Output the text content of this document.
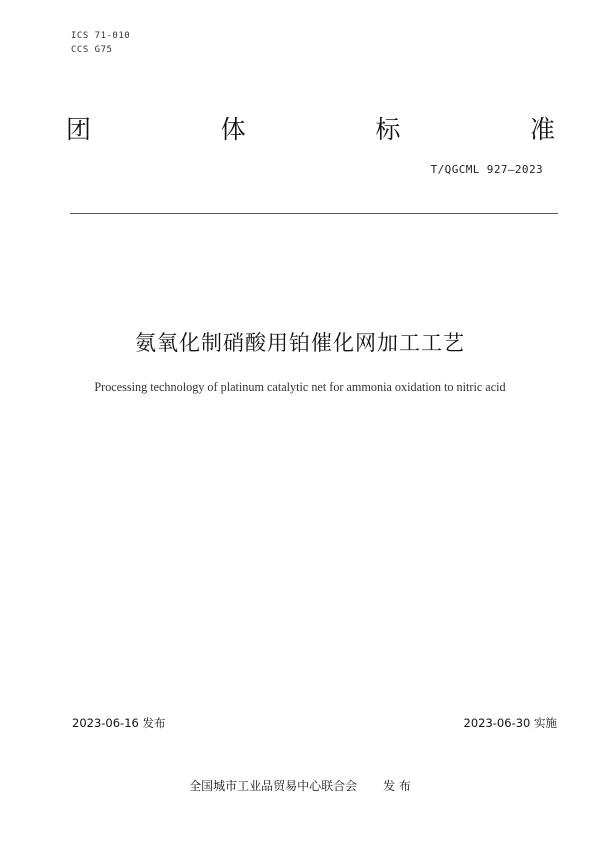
ICS 71-010
CCS G75
团	体	标	准
T/QGCML 927—2023
氨氧化制硝酸用铂催化网加工工艺
Processing technology of platinum catalytic net for ammonia oxidation to nitric acid
2023-06-16 发布	2023-06-30 实施
全国城市工业品贸易中心联合会 发 布
